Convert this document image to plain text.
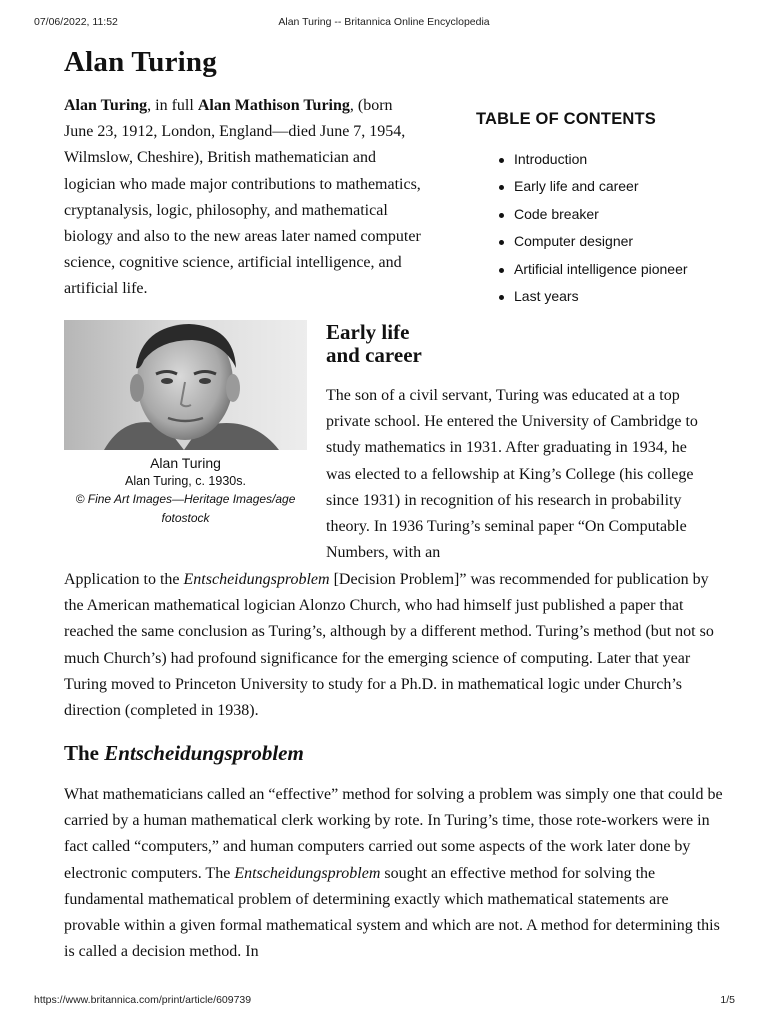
Alan Turing -- Britannica Online Encyclopedia
07/06/2022, 11:52
Alan Turing

Alan Turing, in full Alan Mathison Turing, (born June 23, 1912, London, England—died June 7, 1954, Wilmslow, Cheshire), British mathematician and logician who made major contributions to mathematics, cryptanalysis, logic, philosophy, and mathematical biology and also to the new areas later named computer science, cognitive science, artificial intelligence, and artificial life.

TABLE OF CONTENTS
Introduction
Early life and career
Code breaker
Computer designer
Artificial intelligence pioneer
Last years
Alan Turing
Alan Turing, c. 1930s.
© Fine Art Images—Heritage Images/age
fotostock
Early life
and career

The son of a civil servant, Turing was educated at a top private school. He entered the University of Cambridge to study mathematics in 1931. After graduating in 1934, he was elected to a fellowship at King’s College (his college since 1931) in recognition of his research in probability theory. In 1936 Turing’s seminal paper “On Computable Numbers, with an

Application to the Entscheidungsproblem [Decision Problem]” was recommended for publication by the American mathematical logician Alonzo Church, who had himself just published a paper that reached the same conclusion as Turing’s, although by a different method. Turing’s method (but not so much Church’s) had profound significance for the emerging science of computing. Later that year Turing moved to Princeton University to study for a Ph.D. in mathematical logic under Church’s direction (completed in 1938).

The Entscheidungsproblem

What mathematicians called an “effective” method for solving a problem was simply one that could be carried by a human mathematical clerk working by rote. In Turing’s time, those rote-workers were in fact called “computers,” and human computers carried out some aspects of the work later done by electronic computers. The Entscheidungsproblem sought an effective method for solving the fundamental mathematical problem of determining exactly which mathematical statements are provable within a given formal mathematical system and which are not. A method for determining this is called a decision method. In

https://www.britannica.com/print/article/609739	1/5
